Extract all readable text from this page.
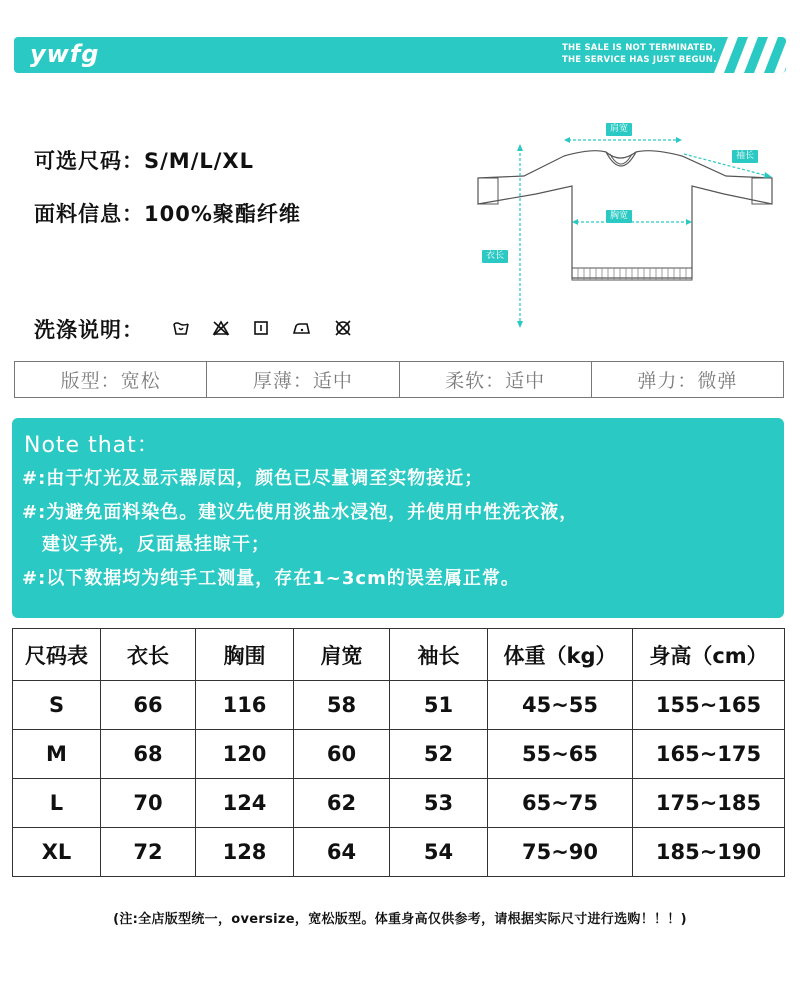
ywfg	THE SALE IS NOT TERMINATED,
THE SERVICE HAS JUST BEGUN.
可选尺码：S/M/L/XL
面料信息：100%聚酯纤维
洗涤说明：
肩宽
袖长
胸宽
衣长
版型：宽松	厚薄：适中	柔软：适中	弹力：微弹
Note that：
#:由于灯光及显示器原因，颜色已尽量调至实物接近；
#:为避免面料染色。建议先使用淡盐水浸泡，并使用中性洗衣液，
建议手洗，反面悬挂晾干；
#:以下数据均为纯手工测量，存在1~3cm的误差属正常。
尺码表	衣长	胸围	肩宽	袖长	体重（kg）	身高（cm）
S	66	116	58	51	45~55	155~165
M	68	120	60	52	55~65	165~175
L	70	124	62	53	65~75	175~185
XL	72	128	64	54	75~90	185~190
(注:全店版型统一，oversize，宽松版型。体重身高仅供参考，请根据实际尺寸进行选购！！！)
